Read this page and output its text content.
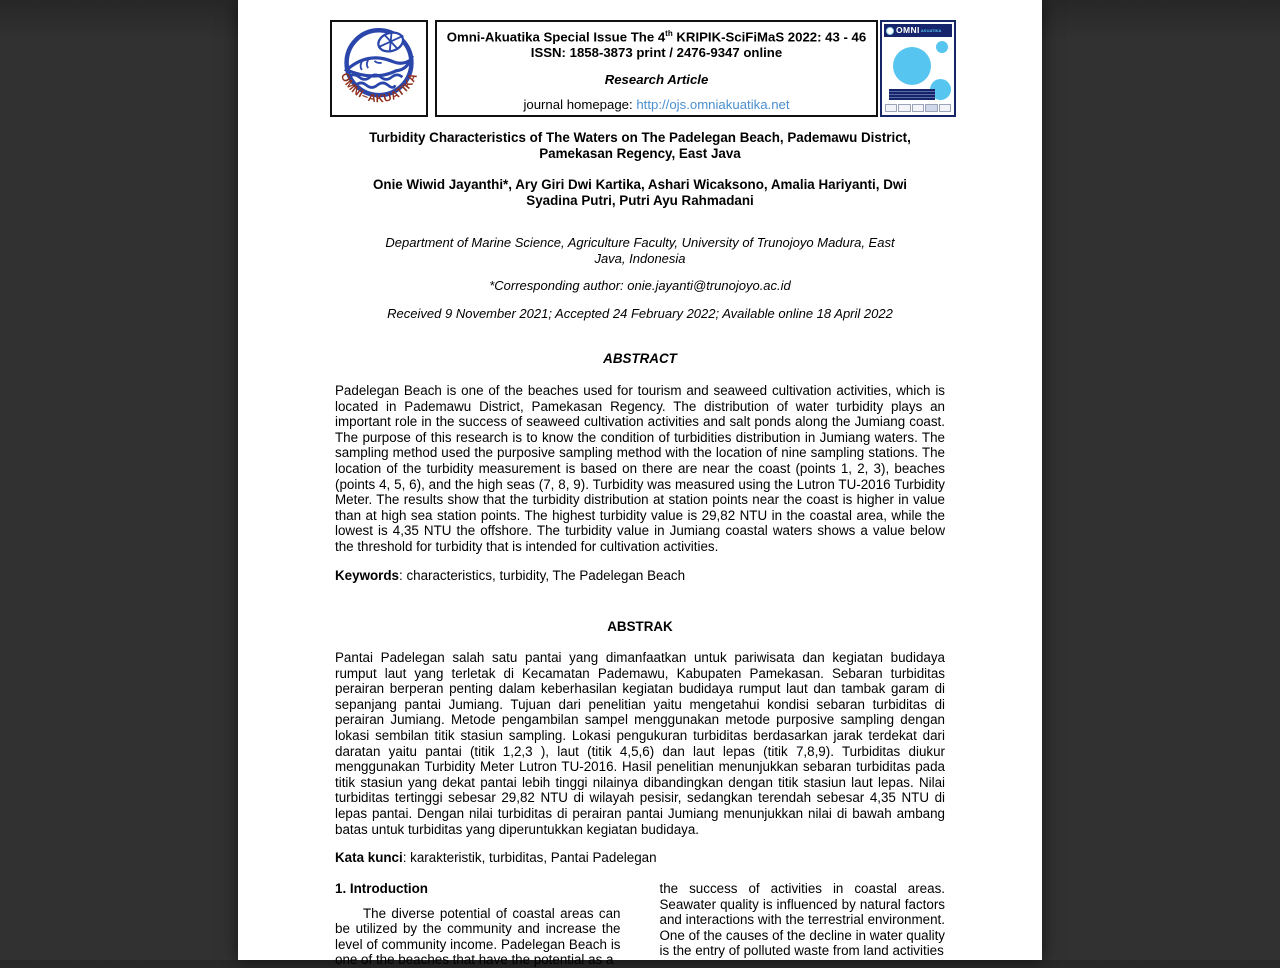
OMNI–AKUATIKA
Omni-Akuatika Special Issue The 4th KRIPIK-SciFiMaS 2022: 43 - 46
ISSN: 1858-3873 print / 2476-9347 online
Research Article
journal homepage: http://ojs.omniakuatika.net
OMNI AKUATIKA
Turbidity Characteristics of The Waters on The Padelegan Beach, Pademawu District, Pamekasan Regency, East Java
Onie Wiwid Jayanthi*, Ary Giri Dwi Kartika, Ashari Wicaksono, Amalia Hariyanti, Dwi Syadina Putri, Putri Ayu Rahmadani
Department of Marine Science, Agriculture Faculty, University of Trunojoyo Madura, East Java, Indonesia
*Corresponding author: onie.jayanti@trunojoyo.ac.id
Received 9 November 2021; Accepted 24 February 2022; Available online 18 April 2022
ABSTRACT
Padelegan Beach is one of the beaches used for tourism and seaweed cultivation activities, which is located in Pademawu District, Pamekasan Regency. The distribution of water turbidity plays an important role in the success of seaweed cultivation activities and salt ponds along the Jumiang coast. The purpose of this research is to know the condition of turbidities distribution in Jumiang waters. The sampling method used the purposive sampling method with the location of nine sampling stations. The location of the turbidity measurement is based on there are near the coast (points 1, 2, 3), beaches (points 4, 5, 6), and the high seas (7, 8, 9). Turbidity was measured using the Lutron TU-2016 Turbidity Meter. The results show that the turbidity distribution at station points near the coast is higher in value than at high sea station points. The highest turbidity value is 29,82 NTU in the coastal area, while the lowest is 4,35 NTU the offshore. The turbidity value in Jumiang coastal waters shows a value below the threshold for turbidity that is intended for cultivation activities.
Keywords: characteristics, turbidity, The Padelegan Beach
ABSTRAK
Pantai Padelegan salah satu pantai yang dimanfaatkan untuk pariwisata dan kegiatan budidaya rumput laut yang terletak di Kecamatan Pademawu, Kabupaten Pamekasan. Sebaran turbiditas perairan berperan penting dalam keberhasilan kegiatan budidaya rumput laut dan tambak garam di sepanjang pantai Jumiang. Tujuan dari penelitian yaitu mengetahui kondisi sebaran turbiditas di perairan Jumiang. Metode pengambilan sampel menggunakan metode purposive sampling dengan lokasi sembilan titik stasiun sampling. Lokasi pengukuran turbiditas berdasarkan jarak terdekat dari daratan yaitu pantai (titik 1,2,3 ), laut (titik 4,5,6) dan laut lepas (titik 7,8,9). Turbiditas diukur menggunakan Turbidity Meter Lutron TU-2016. Hasil penelitian menunjukkan sebaran turbiditas pada titik stasiun yang dekat pantai lebih tinggi nilainya dibandingkan dengan titik stasiun laut lepas. Nilai turbiditas tertinggi sebesar 29,82 NTU di wilayah pesisir, sedangkan terendah sebesar 4,35 NTU di lepas pantai. Dengan nilai turbiditas di perairan pantai Jumiang menunjukkan nilai di bawah ambang batas untuk turbiditas yang diperuntukkan kegiatan budidaya.
Kata kunci: karakteristik, turbiditas, Pantai Padelegan
1. Introduction

The diverse potential of coastal areas can be utilized by the community and increase the level of community income. Padelegan Beach is one of the beaches that have the potential as a

the success of activities in coastal areas. Seawater quality is influenced by natural factors and interactions with the terrestrial environment. One of the causes of the decline in water quality is the entry of polluted waste from land activities
